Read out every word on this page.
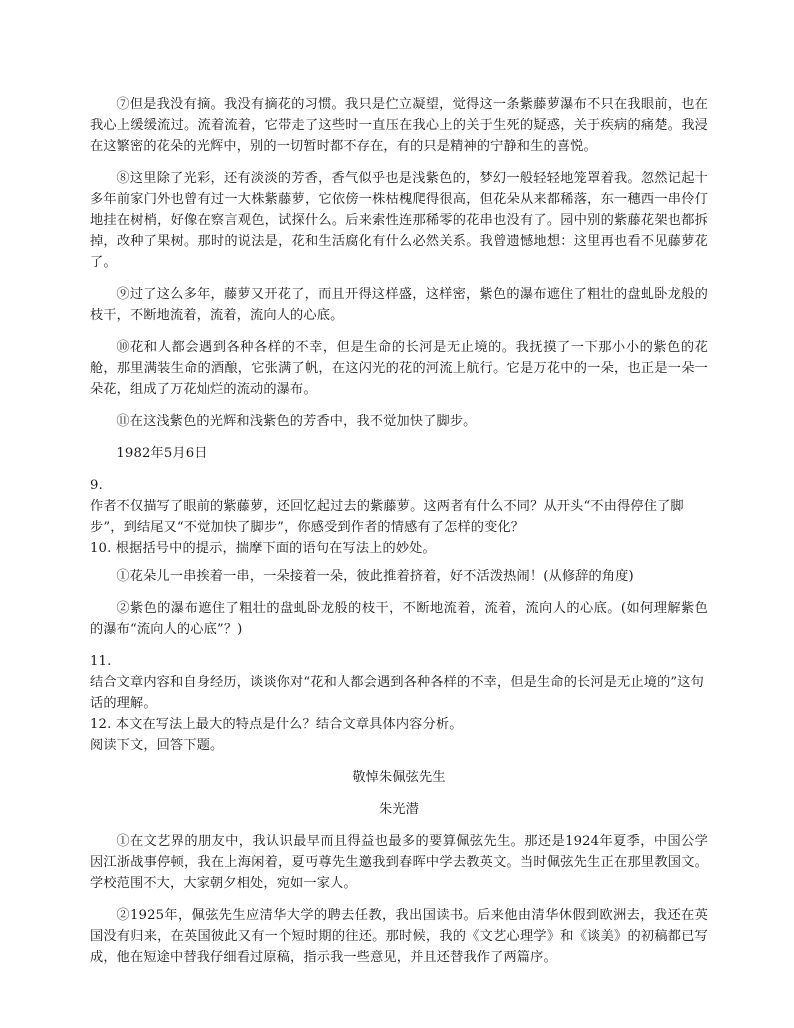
⑦但是我没有摘。我没有摘花的习惯。我只是伫立凝望，觉得这一条紫藤萝瀑布不只在我眼前，也在我心上缓缓流过。流着流着，它带走了这些时一直压在我心上的关于生死的疑惑，关于疾病的痛楚。我浸在这繁密的花朵的光辉中，别的一切暂时都不存在，有的只是精神的宁静和生的喜悦。

⑧这里除了光彩，还有淡淡的芳香，香气似乎也是浅紫色的，梦幻一般轻轻地笼罩着我。忽然记起十多年前家门外也曾有过一大株紫藤萝，它依傍一株枯槐爬得很高，但花朵从来都稀落，东一穗西一串伶仃地挂在树梢，好像在察言观色，试探什么。后来索性连那稀零的花串也没有了。园中别的紫藤花架也都拆掉，改种了果树。那时的说法是，花和生活腐化有什么必然关系。我曾遗憾地想：这里再也看不见藤萝花了。

⑨过了这么多年，藤萝又开花了，而且开得这样盛，这样密，紫色的瀑布遮住了粗壮的盘虬卧龙般的枝干，不断地流着，流着，流向人的心底。

⑩花和人都会遇到各种各样的不幸，但是生命的长河是无止境的。我抚摸了一下那小小的紫色的花舱，那里满装生命的酒酿，它张满了帆，在这闪光的花的河流上航行。它是万花中的一朵，也正是一朵一朵花，组成了万花灿烂的流动的瀑布。

⑪在这浅紫色的光辉和浅紫色的芳香中，我不觉加快了脚步。

1982年5月6日

9.

作者不仅描写了眼前的紫藤萝，还回忆起过去的紫藤萝。这两者有什么不同？从开头“不由得停住了脚步”，到结尾又“不觉加快了脚步”，你感受到作者的情感有了怎样的变化？

10. 根据括号中的提示，揣摩下面的语句在写法上的妙处。

①花朵儿一串挨着一串，一朵接着一朵，彼此推着挤着，好不活泼热闹！(从修辞的角度)

②紫色的瀑布遮住了粗壮的盘虬卧龙般的枝干，不断地流着，流着，流向人的心底。(如何理解紫色的瀑布“流向人的心底”？)

11.

结合文章内容和自身经历，谈谈你对“花和人都会遇到各种各样的不幸，但是生命的长河是无止境的”这句话的理解。

12. 本文在写法上最大的特点是什么？结合文章具体内容分析。

阅读下文，回答下题。

敬悼朱佩弦先生

朱光潜

①在文艺界的朋友中，我认识最早而且得益也最多的要算佩弦先生。那还是1924年夏季，中国公学因江浙战事停顿，我在上海闲着，夏丏尊先生邀我到春晖中学去教英文。当时佩弦先生正在那里教国文。学校范围不大，大家朝夕相处，宛如一家人。

②1925年，佩弦先生应清华大学的聘去任教，我出国读书。后来他由清华休假到欧洲去，我还在英国没有归来，在英国彼此又有一个短时期的往还。那时候，我的《文艺心理学》和《谈美》的初稿都已写成，他在短途中替我仔细看过原稿，指示我一些意见，并且还替我作了两篇序。
